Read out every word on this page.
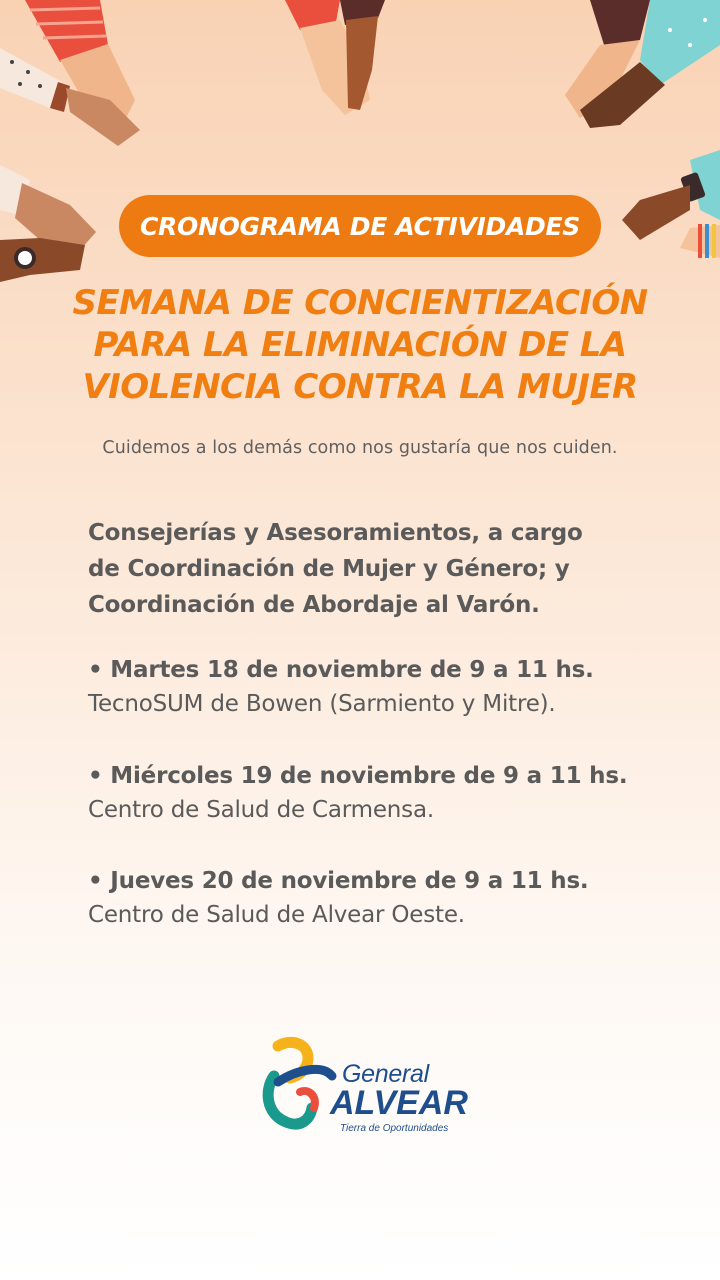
CRONOGRAMA DE ACTIVIDADES
SEMANA DE CONCIENTIZACIÓN
PARA LA ELIMINACIÓN DE LA
VIOLENCIA CONTRA LA MUJER
Cuidemos a los demás como nos gustaría que nos cuiden.
Consejerías y Asesoramientos, a cargo
de Coordinación de Mujer y Género; y
Coordinación de Abordaje al Varón.
• Martes 18 de noviembre de 9 a 11 hs.
TecnoSUM de Bowen (Sarmiento y Mitre).
• Miércoles 19 de noviembre de 9 a 11 hs.
Centro de Salud de Carmensa.
• Jueves 20 de noviembre de 9 a 11 hs.
Centro de Salud de Alvear Oeste.
General
ALVEAR
Tierra de Oportunidades
